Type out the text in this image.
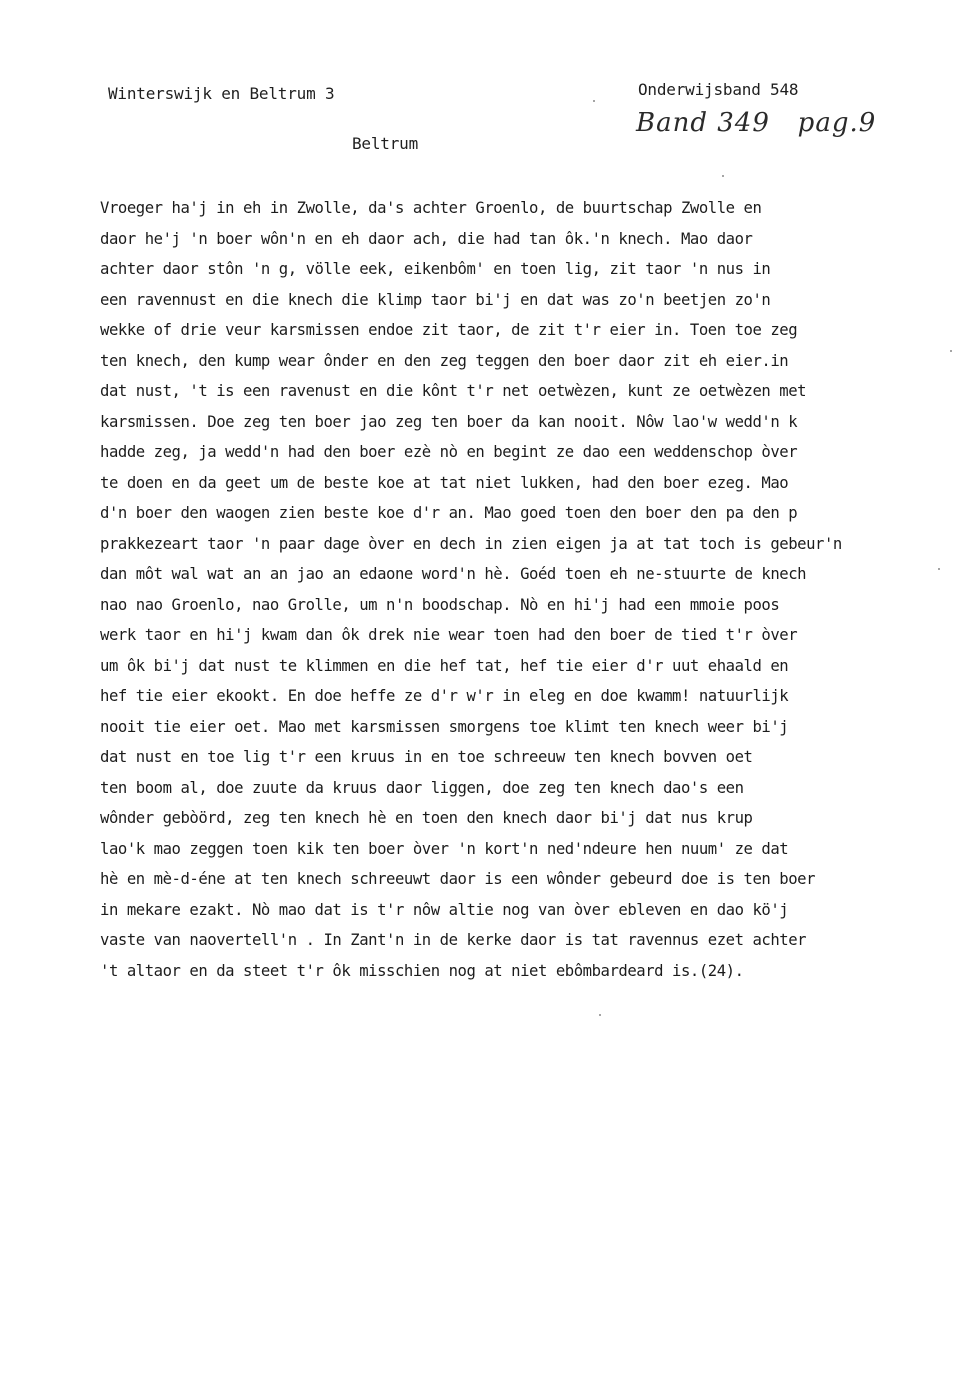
Winterswijk en Beltrum 3	Onderwijsband 548
Band 349   pag.9
Beltrum
Vroeger ha'j in eh in Zwolle, da's achter Groenlo, de buurtschap Zwolle en
daor he'j 'n boer wôn'n en eh daor ach, die had tan ôk.'n knech. Mao daor
achter daor stôn 'n g, völle eek, eikenbôm' en toen lig, zit taor 'n nus in
een ravennust en die knech die klimp taor bi'j en dat was zo'n beetjen zo'n
wekke of drie veur karsmissen endoe zit taor, de zit t'r eier in. Toen toe zeg
ten knech, den kump wear ônder en den zeg teggen den boer daor zit eh eier.in
dat nust, 't is een ravenust en die kônt t'r net oetwèzen, kunt ze oetwèzen met
karsmissen. Doe zeg ten boer jao zeg ten boer da kan nooit. Nôw lao'w wedd'n k
hadde zeg, ja wedd'n had den boer ezè nò en begint ze dao een weddenschop òver
te doen en da geet um de beste koe at tat niet lukken, had den boer ezeg. Mao
d'n boer den waogen zien beste koe d'r an. Mao goed toen den boer den pa den p
prakkezeart taor 'n paar dage òver en dech in zien eigen ja at tat toch is gebeur'n
dan môt wal wat an an jao an edaone word'n hè. Goéd toen eh ne-stuurte de knech
nao nao Groenlo, nao Grolle, um n'n boodschap. Nò en hi'j had een mmoie poos
werk taor en hi'j kwam dan ôk drek nie wear toen had den boer de tied t'r òver
um ôk bi'j dat nust te klimmen en die hef tat, hef tie eier d'r uut ehaald en
hef tie eier ekookt. En doe heffe ze d'r w'r in eleg en doe kwamm! natuurlijk
nooit tie eier oet. Mao met karsmissen smorgens toe klimt ten knech weer bi'j
dat nust en toe lig t'r een kruus in en toe schreeuw ten knech bovven oet
ten boom al, doe zuute da kruus daor liggen, doe zeg ten knech dao's een
wônder gebòörd, zeg ten knech hè en toen den knech daor bi'j dat nus krup
lao'k mao zeggen toen kik ten boer òver 'n kort'n ned'ndeure hen nuum' ze dat
hè en mè-d-éne at ten knech schreeuwt daor is een wônder gebeurd doe is ten boer
in mekare ezakt. Nò mao dat is t'r nôw altie nog van òver ebleven en dao kö'j
vaste van naovertell'n . In Zant'n in de kerke daor is tat ravennus ezet achter
't altaor en da steet t'r ôk misschien nog at niet ebômbardeard is.(24).
